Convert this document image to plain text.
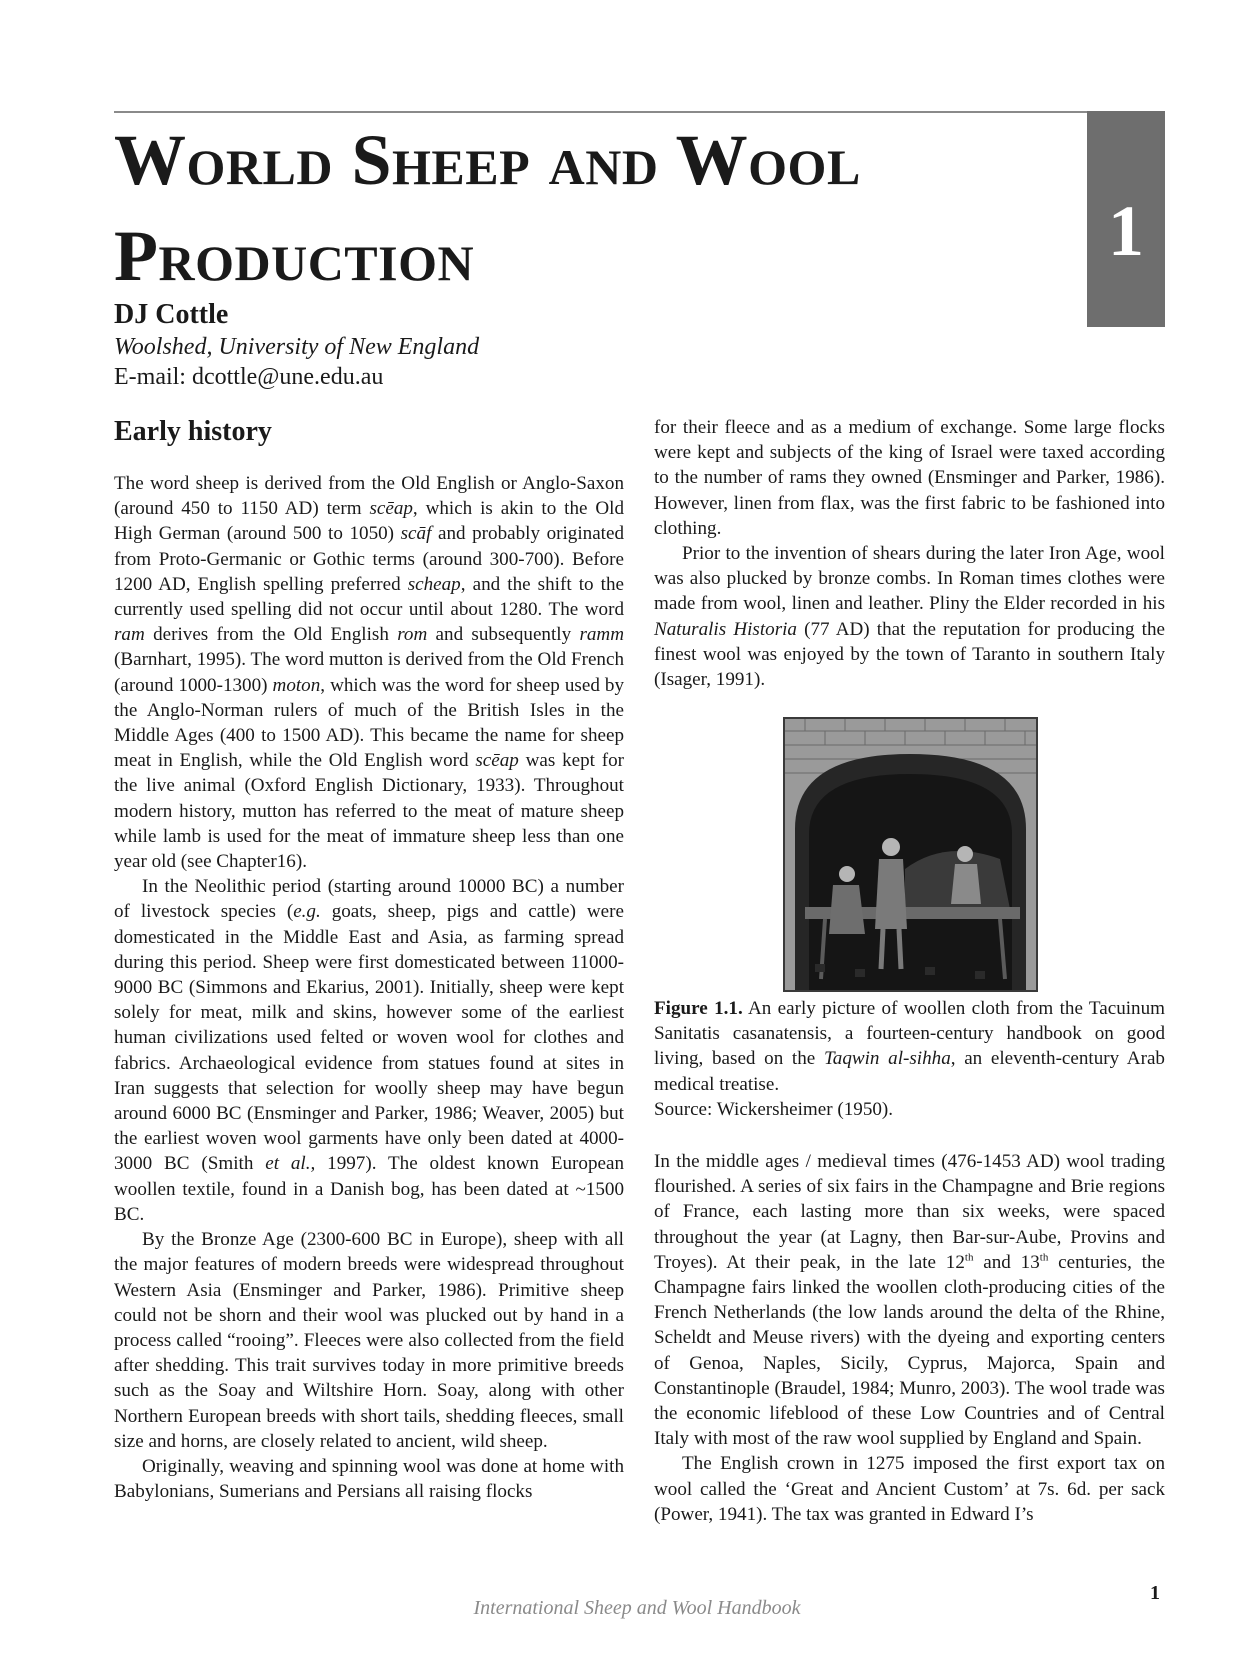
1
World Sheep and Wool Production
DJ Cottle
Woolshed, University of New England
E-mail: dcottle@une.edu.au
Early history

The word sheep is derived from the Old English or Anglo-Saxon (around 450 to 1150 AD) term scēap, which is akin to the Old High German (around 500 to 1050) scāf and probably originated from Proto-Germanic or Gothic terms (around 300-700). Before 1200 AD, English spelling preferred scheap, and the shift to the currently used spelling did not occur until about 1280. The word ram derives from the Old English rom and subsequently ramm (Barnhart, 1995). The word mutton is derived from the Old French (around 1000-1300) moton, which was the word for sheep used by the Anglo-Norman rulers of much of the British Isles in the Middle Ages (400 to 1500 AD). This became the name for sheep meat in English, while the Old English word scēap was kept for the live animal (Oxford English Dictionary, 1933). Throughout modern history, mutton has referred to the meat of mature sheep while lamb is used for the meat of immature sheep less than one year old (see Chapter16).

In the Neolithic period (starting around 10000 BC) a number of livestock species (e.g. goats, sheep, pigs and cattle) were domesticated in the Middle East and Asia, as farming spread during this period. Sheep were first domesticated between 11000-9000 BC (Simmons and Ekarius, 2001). Initially, sheep were kept solely for meat, milk and skins, however some of the earliest human civilizations used felted or woven wool for clothes and fabrics. Archaeological evidence from statues found at sites in Iran suggests that selection for woolly sheep may have begun around 6000 BC (Ensminger and Parker, 1986; Weaver, 2005) but the earliest woven wool garments have only been dated at 4000-3000 BC (Smith et al., 1997). The oldest known European woollen textile, found in a Danish bog, has been dated at ~1500 BC.

By the Bronze Age (2300-600 BC in Europe), sheep with all the major features of modern breeds were widespread throughout Western Asia (Ensminger and Parker, 1986). Primitive sheep could not be shorn and their wool was plucked out by hand in a process called “rooing”. Fleeces were also collected from the field after shedding. This trait survives today in more primitive breeds such as the Soay and Wiltshire Horn. Soay, along with other Northern European breeds with short tails, shedding fleeces, small size and horns, are closely related to ancient, wild sheep.

Originally, weaving and spinning wool was done at home with Babylonians, Sumerians and Persians all raising flocks

for their fleece and as a medium of exchange. Some large flocks were kept and subjects of the king of Israel were taxed according to the number of rams they owned (Ensminger and Parker, 1986). However, linen from flax, was the first fabric to be fashioned into clothing.

Prior to the invention of shears during the later Iron Age, wool was also plucked by bronze combs. In Roman times clothes were made from wool, linen and leather. Pliny the Elder recorded in his Naturalis Historia (77 AD) that the reputation for producing the finest wool was enjoyed by the town of Taranto in southern Italy (Isager, 1991).

Figure 1.1. An early picture of woollen cloth from the Tacuinum Sanitatis casanatensis, a fourteen-century handbook on good living, based on the Taqwin al-sihha, an eleventh-century Arab medical treatise.
Source: Wickersheimer (1950).

In the middle ages / medieval times (476-1453 AD) wool trading flourished. A series of six fairs in the Champagne and Brie regions of France, each lasting more than six weeks, were spaced throughout the year (at Lagny, then Bar-sur-Aube, Provins and Troyes). At their peak, in the late 12th and 13th centuries, the Champagne fairs linked the woollen cloth-producing cities of the French Netherlands (the low lands around the delta of the Rhine, Scheldt and Meuse rivers) with the dyeing and exporting centers of Genoa, Naples, Sicily, Cyprus, Majorca, Spain and Constantinople (Braudel, 1984; Munro, 2003). The wool trade was the economic lifeblood of these Low Countries and of Central Italy with most of the raw wool supplied by England and Spain.

The English crown in 1275 imposed the first export tax on wool called the ‘Great and Ancient Custom’ at 7s. 6d. per sack (Power, 1941). The tax was granted in Edward I’s

International Sheep and Wool Handbook
1
